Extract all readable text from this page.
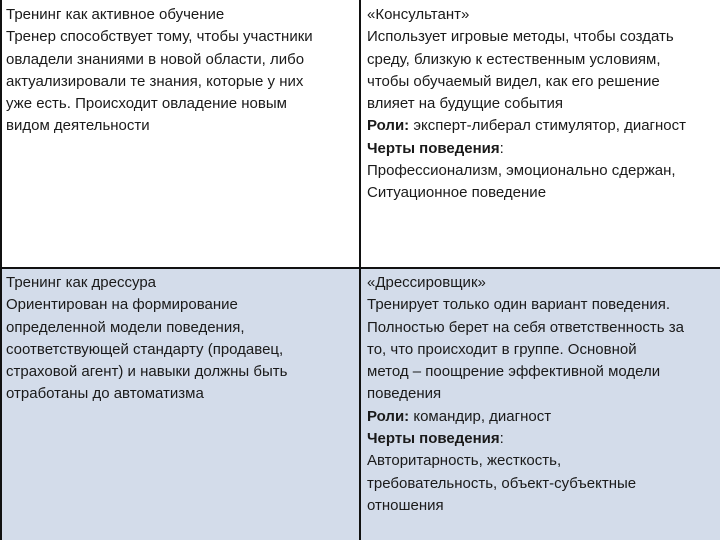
Тренинг как активное обучение
Тренер способствует тому, чтобы участники
овладели знаниями в новой области, либо
актуализировали те знания, которые у них
уже есть. Происходит овладение новым
видом деятельности
«Консультант»
Использует игровые методы, чтобы создать
среду, близкую к естественным условиям,
чтобы обучаемый видел, как его решение
влияет на будущие события
Роли: эксперт-либерал стимулятор, диагност
Черты поведения:
Профессионализм, эмоционально сдержан,
Ситуационное поведение
Тренинг как дрессура
Ориентирован на формирование
определенной модели поведения,
соответствующей стандарту (продавец,
страховой агент) и навыки должны быть
отработаны до автоматизма
«Дрессировщик»
Тренирует только один вариант поведения.
Полностью берет на себя ответственность за
то, что происходит в группе. Основной
метод – поощрение эффективной модели
поведения
Роли: командир, диагност
Черты поведения:
Авторитарность, жесткость,
требовательность, объект-субъектные
отношения
